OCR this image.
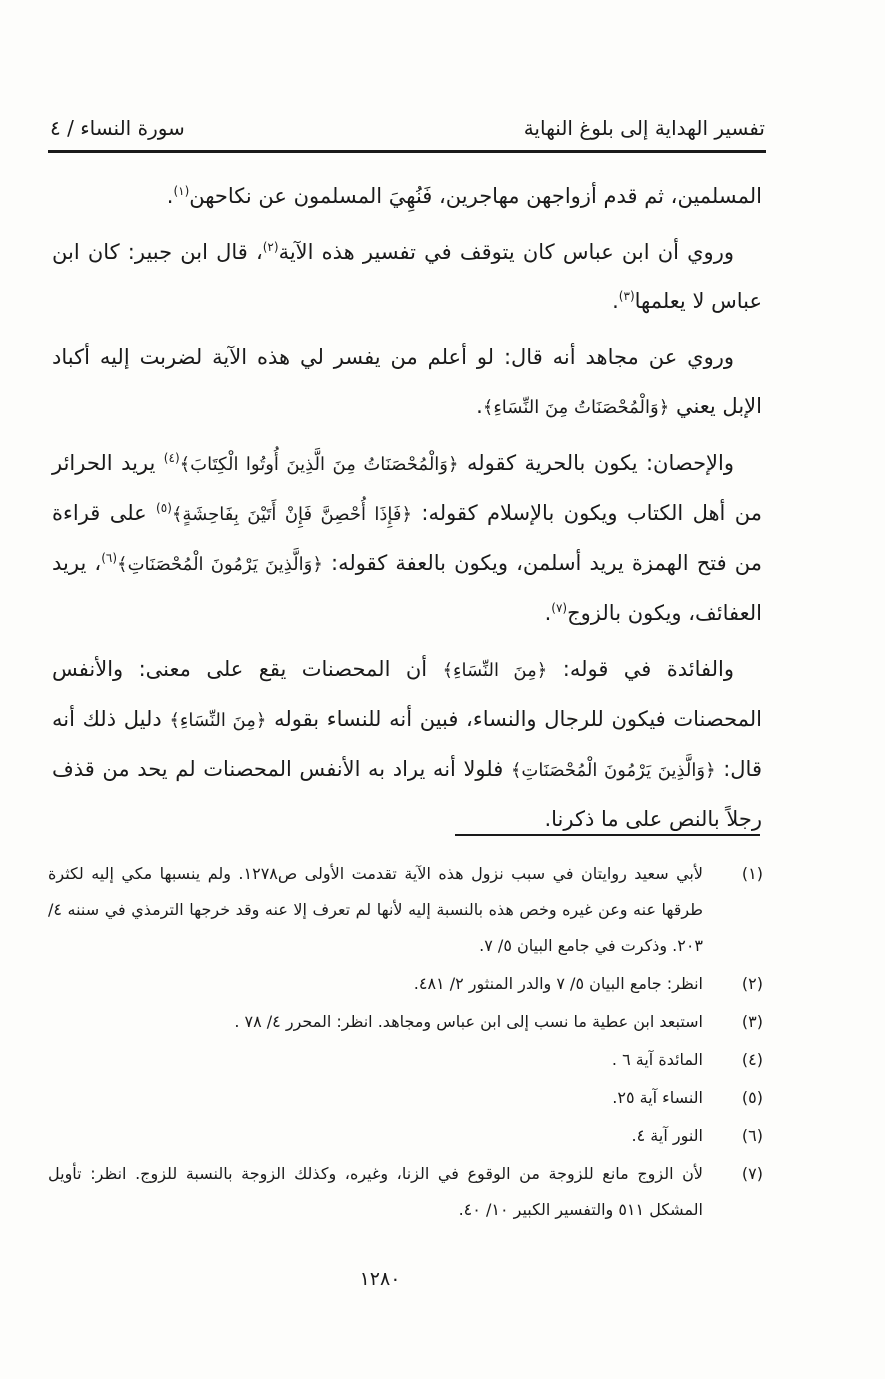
تفسير الهداية إلى بلوغ النهاية
سورة النساء / ٤

المسلمين، ثم قدم أزواجهن مهاجرين، فَنُهِيَ المسلمون عن نكاحهن$^{(١)}$.

وروي أن ابن عباس كان يتوقف في تفسير هذه الآية$^{(٢)}$، قال ابن جبير: كان ابن عباس لا يعلمها$^{(٣)}$.

وروي عن مجاهد أنه قال: لو أعلم من يفسر لي هذه الآية لضربت إليه أكباد الإبل يعني ﴿وَالْمُحْصَنَاتُ مِنَ النِّسَاءِ﴾.

والإحصان: يكون بالحرية كقوله ﴿وَالْمُحْصَنَاتُ مِنَ الَّذِينَ أُوتُوا الْكِتَابَ﴾$^{(٤)}$ يريد الحرائر من أهل الكتاب ويكون بالإسلام كقوله: ﴿فَإِذَا أُحْصِنَّ فَإِنْ أَتَيْنَ بِفَاحِشَةٍ﴾$^{(٥)}$ على قراءة من فتح الهمزة يريد أسلمن، ويكون بالعفة كقوله: ﴿وَالَّذِينَ يَرْمُونَ الْمُحْصَنَاتِ﴾$^{(٦)}$، يريد العفائف، ويكون بالزوج$^{(٧)}$.

والفائدة في قوله: ﴿مِنَ النِّسَاءِ﴾ أن المحصنات يقع على معنى: والأنفس المحصنات فيكون للرجال والنساء، فبين أنه للنساء بقوله ﴿مِنَ النِّسَاءِ﴾ دليل ذلك أنه قال: ﴿وَالَّذِينَ يَرْمُونَ الْمُحْصَنَاتِ﴾ فلولا أنه يراد به الأنفس المحصنات لم يحد من قذف رجلاً بالنص على ما ذكرنا.

(١)
لأبي سعيد روايتان في سبب نزول هذه الآية تقدمت الأولى ص١٢٧٨. ولم ينسبها مكي إليه لكثرة طرقها عنه وعن غيره وخص هذه بالنسبة إليه لأنها لم تعرف إلا عنه وقد خرجها الترمذي في سننه ٤/ ٢٠٣. وذكرت في جامع البيان ٥/ ٧.
(٢)
انظر: جامع البيان ٥/ ٧ والدر المنثور ٢/ ٤٨١.
(٣)
استبعد ابن عطية ما نسب إلى ابن عباس ومجاهد. انظر: المحرر ٤/ ٧٨ .
(٤)
المائدة آية ٦ .
(٥)
النساء آية ٢٥.
(٦)
النور آية ٤.
(٧)
لأن الزوج مانع للزوجة من الوقوع في الزنا، وغيره، وكذلك الزوجة بالنسبة للزوج. انظر: تأويل المشكل ٥١١ والتفسير الكبير ١٠/ ٤٠.
١٢٨٠
